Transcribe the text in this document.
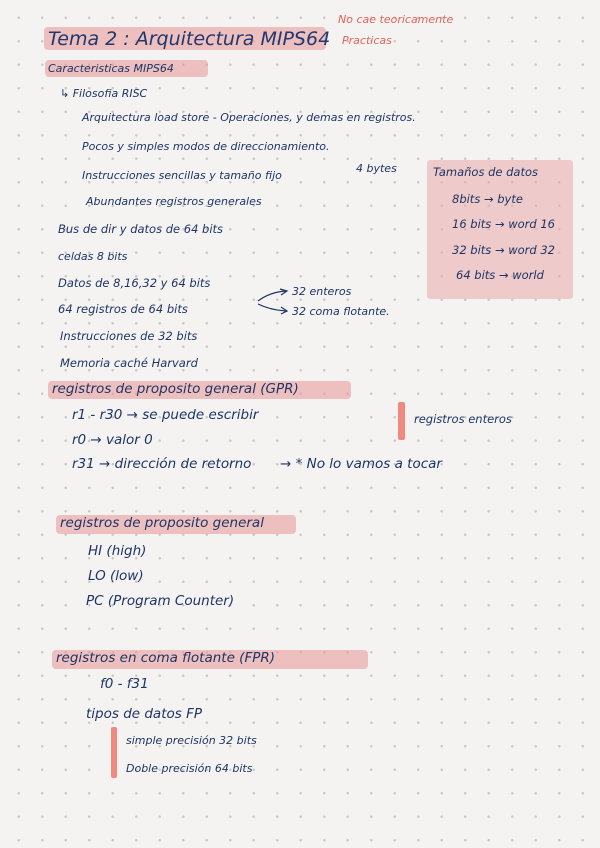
Tema 2 : Arquitectura MIPS64
No cae teoricamente
Practicas
Caracteristicas MIPS64
↳ Filosofia RISC
Arquitectura load store - Operaciones, y demas en registros.
Pocos y simples modos de direccionamiento.
Instrucciones sencillas y tamaño fijo
4 bytes
Abundantes registros generales
Bus de dir y datos de 64 bits
celdas 8 bits
Datos de 8,16,32 y 64 bits
64 registros de 64 bits
32 enteros
32 coma flotante.
Instrucciones de 32 bits
Memoria caché Harvard
Tamaños de datos
8bits → byte
16 bits → word 16
32 bits → word 32
64 bits → world
registros de proposito general (GPR)
r1 - r30 → se puede escribir
r0 → valor 0
r31 → dirección de retorno
registros enteros
→ * No lo vamos a tocar
registros de proposito general
HI (high)
LO (low)
PC (Program Counter)
registros en coma flotante (FPR)
f0 - f31
tipos de datos FP
simple precisión 32 bits
Doble precisión 64 bits
